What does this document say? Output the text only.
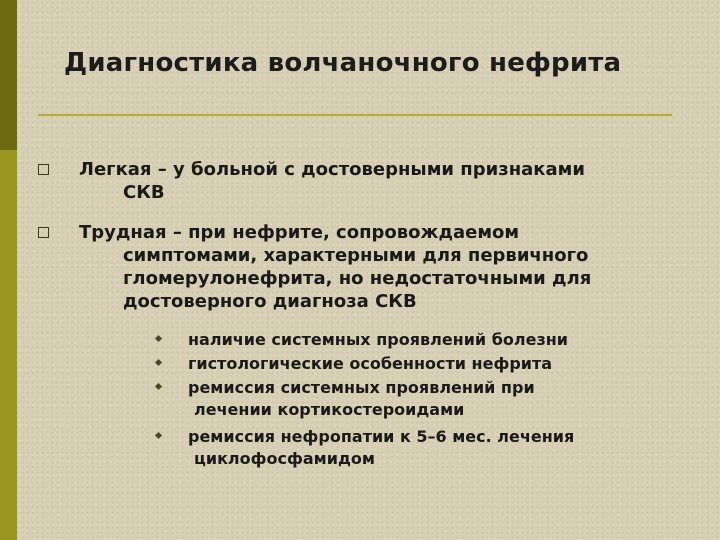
Диагностика волчаночного нефрита
Легкая – у больной с достоверными признаками
СКВ
Трудная – при нефрите, сопровождаемом
симптомами, характерными для первичного
гломерулонефрита, но недостаточными для
достоверного диагноза СКВ
наличие системных проявлений болезни
гистологические особенности нефрита
ремиссия системных проявлений при
лечении кортикостероидами
ремиссия нефропатии к 5–6 мес. лечения
циклофосфамидом
